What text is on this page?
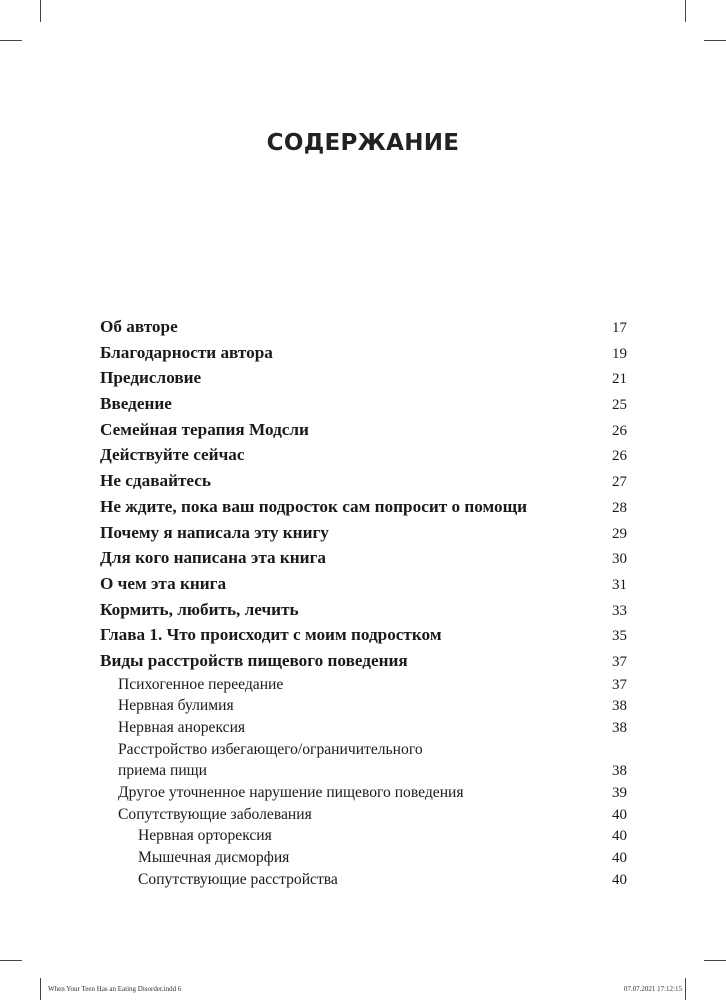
СОДЕРЖАНИЕ
Об авторе	17
Благодарности автора	19
Предисловие	21
Введение	25
Семейная терапия Модсли	26
Действуйте сейчас	26
Не сдавайтесь	27
Не ждите, пока ваш подросток сам попросит о помощи	28
Почему я написала эту книгу	29
Для кого написана эта книга	30
О чем эта книга	31
Кормить, любить, лечить	33
Глава 1. Что происходит с моим подростком	35
Виды расстройств пищевого поведения	37
Психогенное переедание	37
Нервная булимия	38
Нервная анорексия	38
Расстройство избегающего/ограничительного
приема пищи	38
Другое уточненное нарушение пищевого поведения	39
Сопутствующие заболевания	40
Нервная орторексия	40
Мышечная дисморфия	40
Сопутствующие расстройства	40
When Your Teen Has an Eating Disorder.indd 6	07.07.2021 17:12:15
